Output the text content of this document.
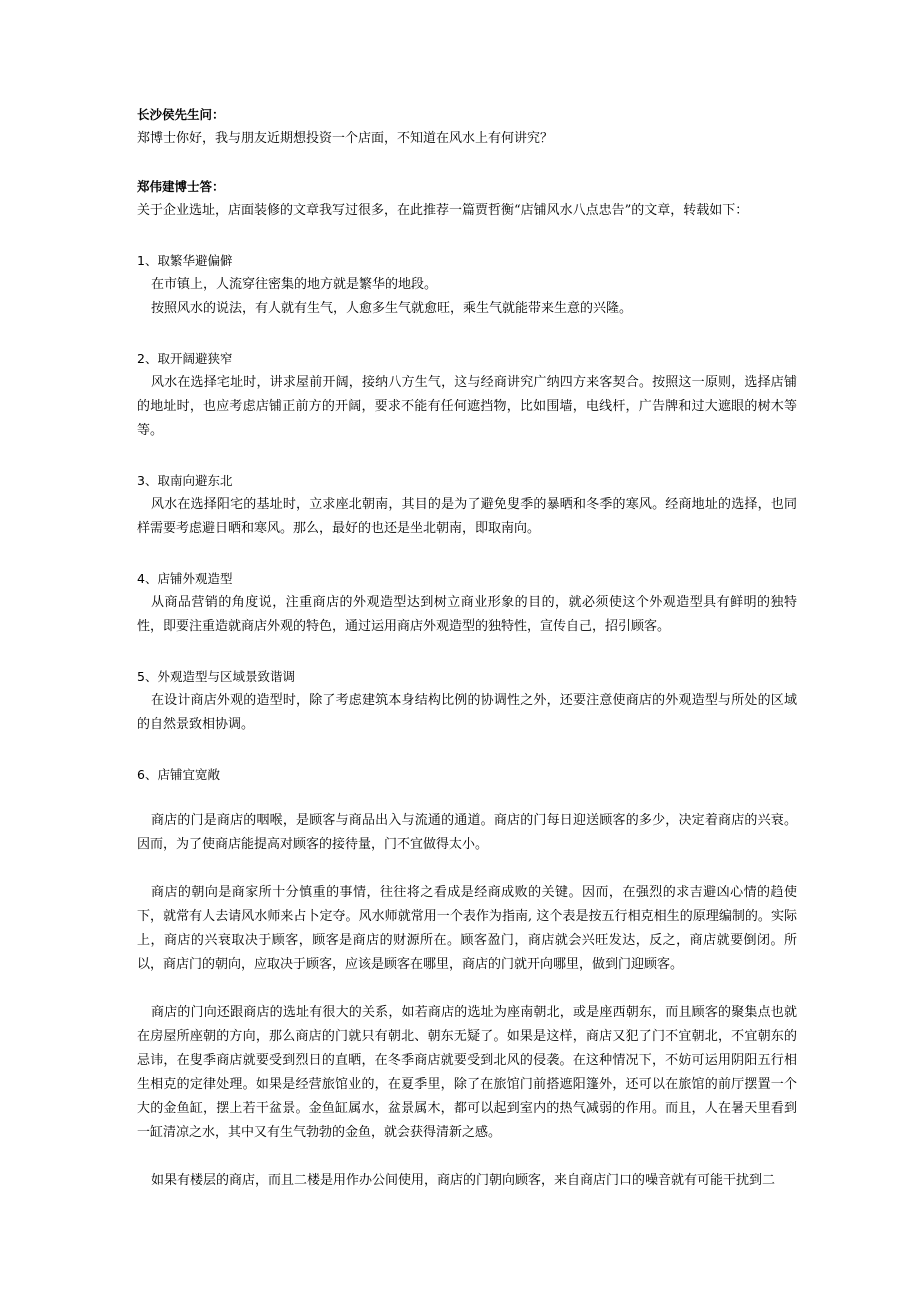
长沙侯先生问：

郑博士你好，我与朋友近期想投资一个店面，不知道在风水上有何讲究？

郑伟建博士答：

关于企业选址，店面装修的文章我写过很多，在此推荐一篇贾哲衡“店铺风水八点忠告”的文章，转载如下：

1、取繁华避偏僻

在市镇上，人流穿往密集的地方就是繁华的地段。

按照风水的说法，有人就有生气，人愈多生气就愈旺，乘生气就能带来生意的兴隆。

2、取开阔避狭窄

风水在选择宅址时，讲求屋前开阔，接纳八方生气，这与经商讲究广纳四方来客契合。按照这一原则，选择店铺的地址时，也应考虑店铺正前方的开阔，要求不能有任何遮挡物，比如围墙，电线杆，广告牌和过大遮眼的树木等等。

3、取南向避东北

风水在选择阳宅的基址时，立求座北朝南，其目的是为了避免叟季的暴晒和冬季的寒风。经商地址的选择，也同样需要考虑避日晒和寒风。那么，最好的也还是坐北朝南，即取南向。

4、店铺外观造型

从商品营销的角度说，注重商店的外观造型达到树立商业形象的目的，就必须使这个外观造型具有鲜明的独特性，即要注重造就商店外观的特色，通过运用商店外观造型的独特性，宣传自己，招引顾客。

5、外观造型与区域景致谐调

在设计商店外观的造型时，除了考虑建筑本身结构比例的协调性之外，还要注意使商店的外观造型与所处的区域的自然景致相协调。

6、店铺宜宽敞

商店的门是商店的咽喉，是顾客与商品出入与流通的通道。商店的门每日迎送顾客的多少，决定着商店的兴衰。因而，为了使商店能提高对顾客的接待量，门不宜做得太小。

商店的朝向是商家所十分慎重的事情，往往将之看成是经商成败的关键。因而，在强烈的求吉避凶心情的趋使下，就常有人去请风水师来占卜定夺。风水师就常用一个表作为指南, 这个表是按五行相克相生的原理编制的。实际上，商店的兴衰取决于顾客，顾客是商店的财源所在。顾客盈门，商店就会兴旺发达，反之，商店就要倒闭。所以，商店门的朝向，应取决于顾客，应该是顾客在哪里，商店的门就开向哪里，做到门迎顾客。

商店的门向还跟商店的选址有很大的关系，如若商店的选址为座南朝北，或是座西朝东，而且顾客的聚集点也就在房屋所座朝的方向，那么商店的门就只有朝北、朝东无疑了。如果是这样，商店又犯了门不宜朝北，不宜朝东的忌讳，在叟季商店就要受到烈日的直晒，在冬季商店就要受到北风的侵袭。在这种情况下，不妨可运用阴阳五行相生相克的定律处理。如果是经营旅馆业的，在夏季里，除了在旅馆门前搭遮阳篷外，还可以在旅馆的前厅摆置一个大的金鱼缸，摆上若干盆景。金鱼缸属水，盆景属木，都可以起到室内的热气减弱的作用。而且，人在暑天里看到一缸清凉之水，其中又有生气勃勃的金鱼，就会获得清新之感。

如果有楼层的商店，而且二楼是用作办公间使用，商店的门朝向顾客，来自商店门口的噪音就有可能干扰到二
